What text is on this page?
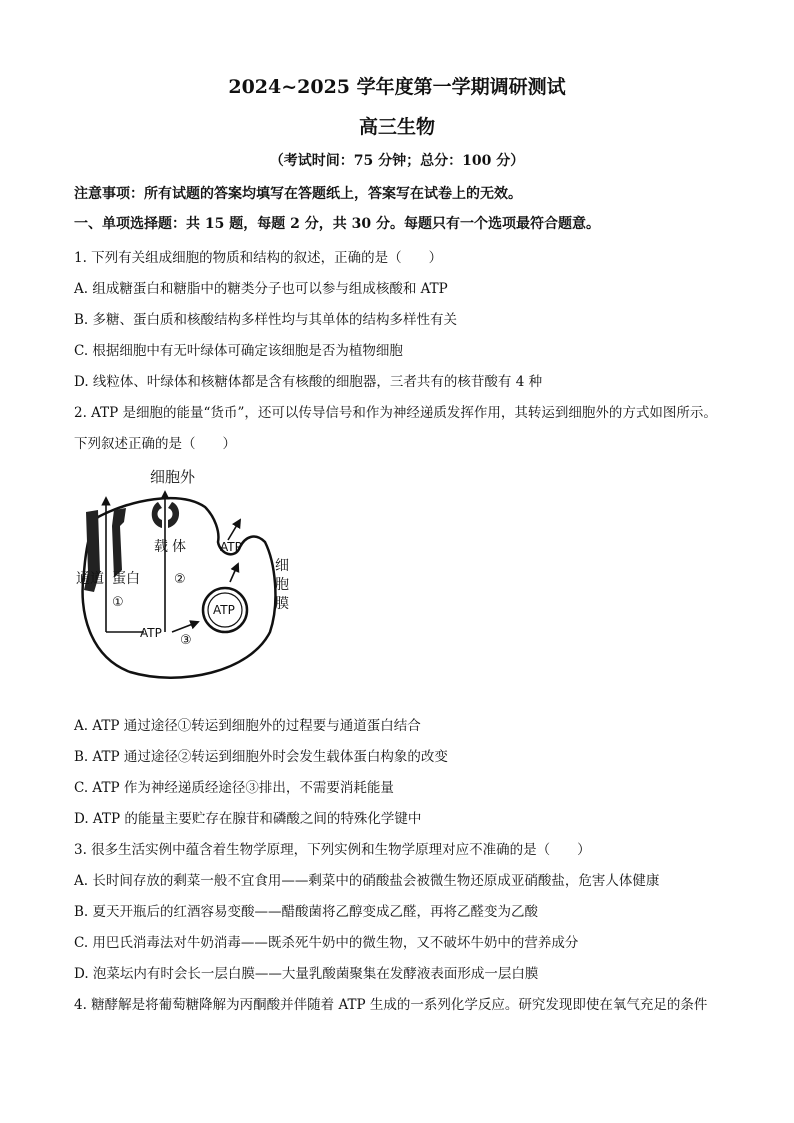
2024~2025 学年度第一学期调研测试
高三生物
（考试时间：75 分钟；总分：100 分）
注意事项：所有试题的答案均填写在答题纸上，答案写在试卷上的无效。
一、单项选择题：共 15 题，每题 2 分，共 30 分。每题只有一个选项最符合题意。
1. 下列有关组成细胞的物质和结构的叙述，正确的是（　　）
A. 组成糖蛋白和糖脂中的糖类分子也可以参与组成核酸和 ATP
B. 多糖、蛋白质和核酸结构多样性均与其单体的结构多样性有关
C. 根据细胞中有无叶绿体可确定该细胞是否为植物细胞
D. 线粒体、叶绿体和核糖体都是含有核酸的细胞器，三者共有的核苷酸有 4 种
2. ATP 是细胞的能量“货币”，还可以传导信号和作为神经递质发挥作用，其转运到细胞外的方式如图所示。
下列叙述正确的是（　　）
细胞外
载 体
通道 蛋白
细
胞
膜
ATP
ATP
ATP
①
②
③
A. ATP 通过途径①转运到细胞外的过程要与通道蛋白结合
B. ATP 通过途径②转运到细胞外时会发生载体蛋白构象的改变
C. ATP 作为神经递质经途径③排出，不需要消耗能量
D. ATP 的能量主要贮存在腺苷和磷酸之间的特殊化学键中
3. 很多生活实例中蕴含着生物学原理，下列实例和生物学原理对应不准确的是（　　）
A. 长时间存放的剩菜一般不宜食用——剩菜中的硝酸盐会被微生物还原成亚硝酸盐，危害人体健康
B. 夏天开瓶后的红酒容易变酸——醋酸菌将乙醇变成乙醛，再将乙醛变为乙酸
C. 用巴氏消毒法对牛奶消毒——既杀死牛奶中的微生物，又不破坏牛奶中的营养成分
D. 泡菜坛内有时会长一层白膜——大量乳酸菌聚集在发酵液表面形成一层白膜
4. 糖酵解是将葡萄糖降解为丙酮酸并伴随着 ATP 生成的一系列化学反应。研究发现即使在氧气充足的条件
